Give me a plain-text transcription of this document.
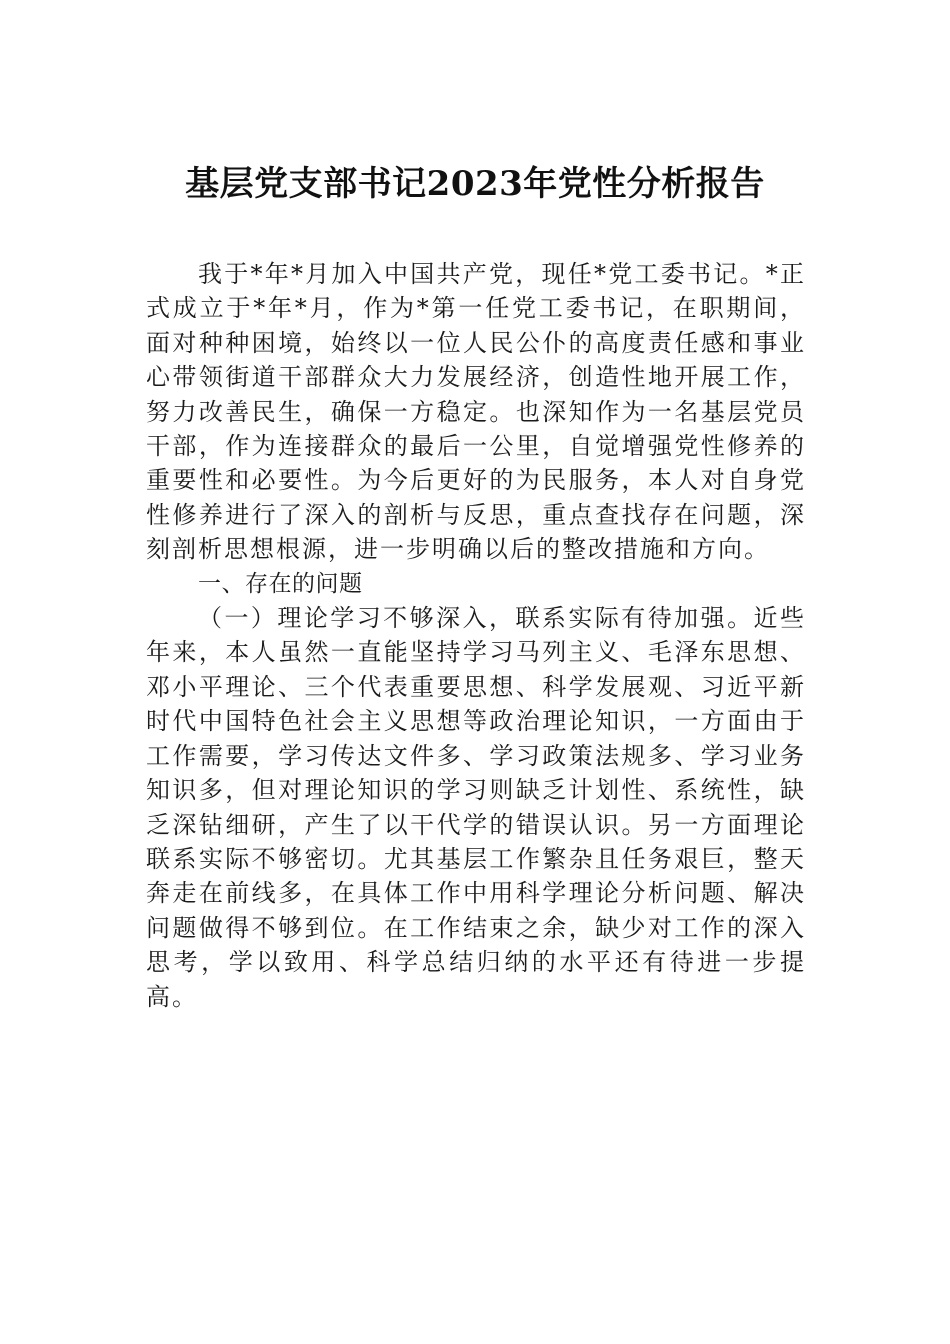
基层党支部书记2023年党性分析报告

我于*年*月加入中国共产党，现任*党工委书记。*正式成立于*年*月，作为*第一任党工委书记，在职期间，面对种种困境，始终以一位人民公仆的高度责任感和事业心带领街道干部群众大力发展经济，创造性地开展工作，努力改善民生，确保一方稳定。也深知作为一名基层党员干部，作为连接群众的最后一公里，自觉增强党性修养的重要性和必要性。为今后更好的为民服务，本人对自身党性修养进行了深入的剖析与反思，重点查找存在问题，深刻剖析思想根源，进一步明确以后的整改措施和方向。

一、存在的问题

（一）理论学习不够深入，联系实际有待加强。近些年来，本人虽然一直能坚持学习马列主义、毛泽东思想、邓小平理论、三个代表重要思想、科学发展观、习近平新时代中国特色社会主义思想等政治理论知识，一方面由于工作需要，学习传达文件多、学习政策法规多、学习业务知识多，但对理论知识的学习则缺乏计划性、系统性，缺乏深钻细研，产生了以干代学的错误认识。另一方面理论联系实际不够密切。尤其基层工作繁杂且任务艰巨，整天奔走在前线多，在具体工作中用科学理论分析问题、解决问题做得不够到位。在工作结束之余，缺少对工作的深入思考，学以致用、科学总结归纳的水平还有待进一步提高。
